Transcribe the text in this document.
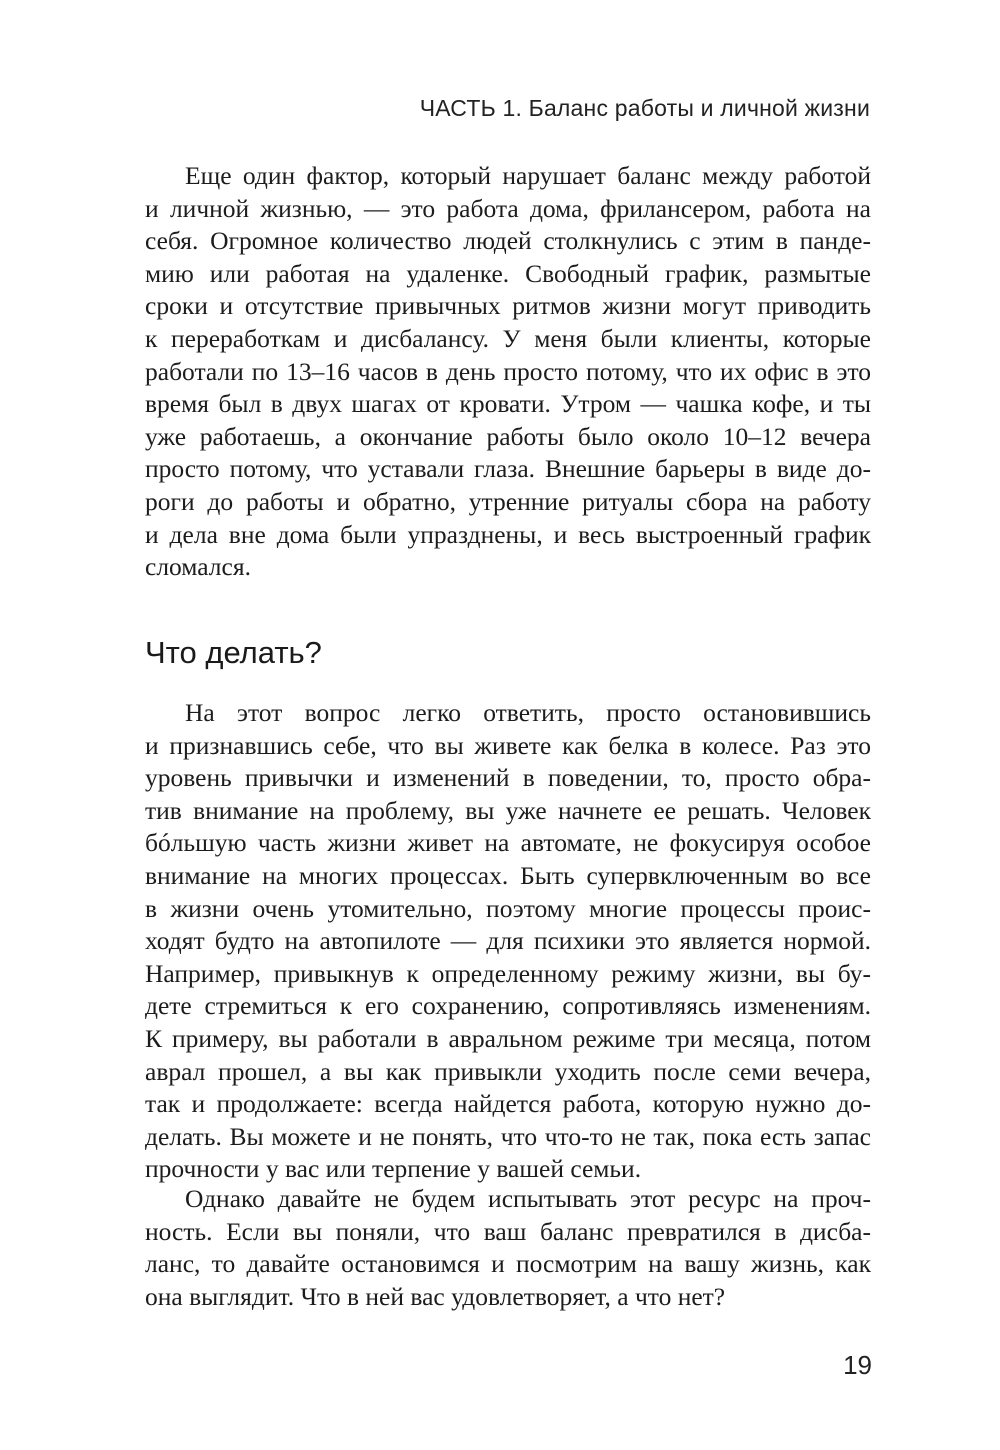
ЧАСТЬ 1. Баланс работы и личной жизни
Еще один фактор, который нарушает баланс между работой
и личной жизнью, — это работа дома, фрилансером, работа на
себя. Огромное количество людей столкнулись с этим в панде-
мию или работая на удаленке. Свободный график, размытые
сроки и отсутствие привычных ритмов жизни могут приводить
к переработкам и дисбалансу. У меня были клиенты, которые
работали по 13–16 часов в день просто потому, что их офис в это
время был в двух шагах от кровати. Утром — чашка кофе, и ты
уже работаешь, а окончание работы было около 10–12 вечера
просто потому, что уставали глаза. Внешние барьеры в виде до-
роги до работы и обратно, утренние ритуалы сбора на работу
и дела вне дома были упразднены, и весь выстроенный график
сломался.
Что делать?
На этот вопрос легко ответить, просто остановившись
и признавшись себе, что вы живете как белка в колесе. Раз это
уровень привычки и изменений в поведении, то, просто обра-
тив внимание на проблему, вы уже начнете ее решать. Человек
бóльшую часть жизни живет на автомате, не фокусируя особое
внимание на многих процессах. Быть супервключенным во все
в жизни очень утомительно, поэтому многие процессы проис-
ходят будто на автопилоте — для психики это является нормой.
Например, привыкнув к определенному режиму жизни, вы бу-
дете стремиться к его сохранению, сопротивляясь изменениям.
К примеру, вы работали в авральном режиме три месяца, потом
аврал прошел, а вы как привыкли уходить после семи вечера,
так и продолжаете: всегда найдется работа, которую нужно до-
делать. Вы можете и не понять, что что-то не так, пока есть запас
прочности у вас или терпение у вашей семьи.
Однако давайте не будем испытывать этот ресурс на проч-
ность. Если вы поняли, что ваш баланс превратился в дисба-
ланс, то давайте остановимся и посмотрим на вашу жизнь, как
она выглядит. Что в ней вас удовлетворяет, а что нет?
19
